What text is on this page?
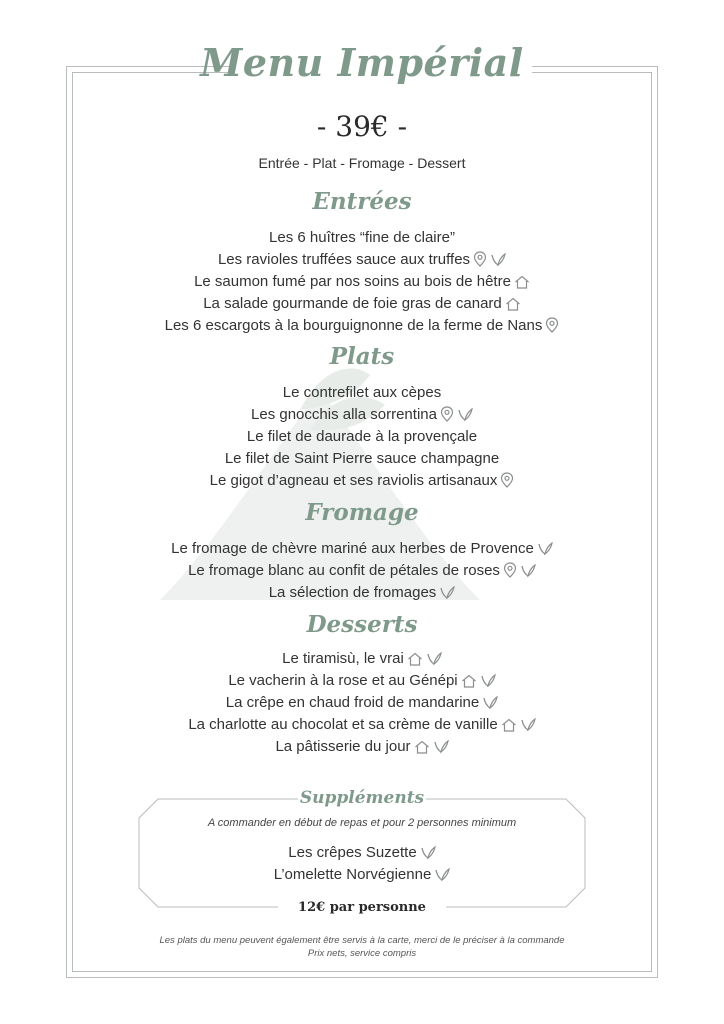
Menu Impérial
- 39€ -
Entrée - Plat - Fromage - Dessert
Entrées
Les 6 huîtres “fine de claire”
Les ravioles truffées sauce aux truffes
Le saumon fumé par nos soins au bois de hêtre
La salade gourmande de foie gras de canard
Les 6 escargots à la bourguignonne de la ferme de Nans
Plats
Le contrefilet aux cèpes
Les gnocchis alla sorrentina
Le filet de daurade à la provençale
Le filet de Saint Pierre sauce champagne
Le gigot d’agneau et ses raviolis artisanaux
Fromage
Le fromage de chèvre mariné aux herbes de Provence
Le fromage blanc au confit de pétales de roses
La sélection de fromages
Desserts
Le tiramisù, le vrai
Le vacherin à la rose et au Génépi
La crêpe en chaud froid de mandarine
La charlotte au chocolat et sa crème de vanille
La pâtisserie du jour
Suppléments
A commander en début de repas et pour 2 personnes minimum
Les crêpes Suzette
L’omelette Norvégienne
12€ par personne
Les plats du menu peuvent également être servis à la carte, merci de le préciser à la commande
Prix nets, service compris
